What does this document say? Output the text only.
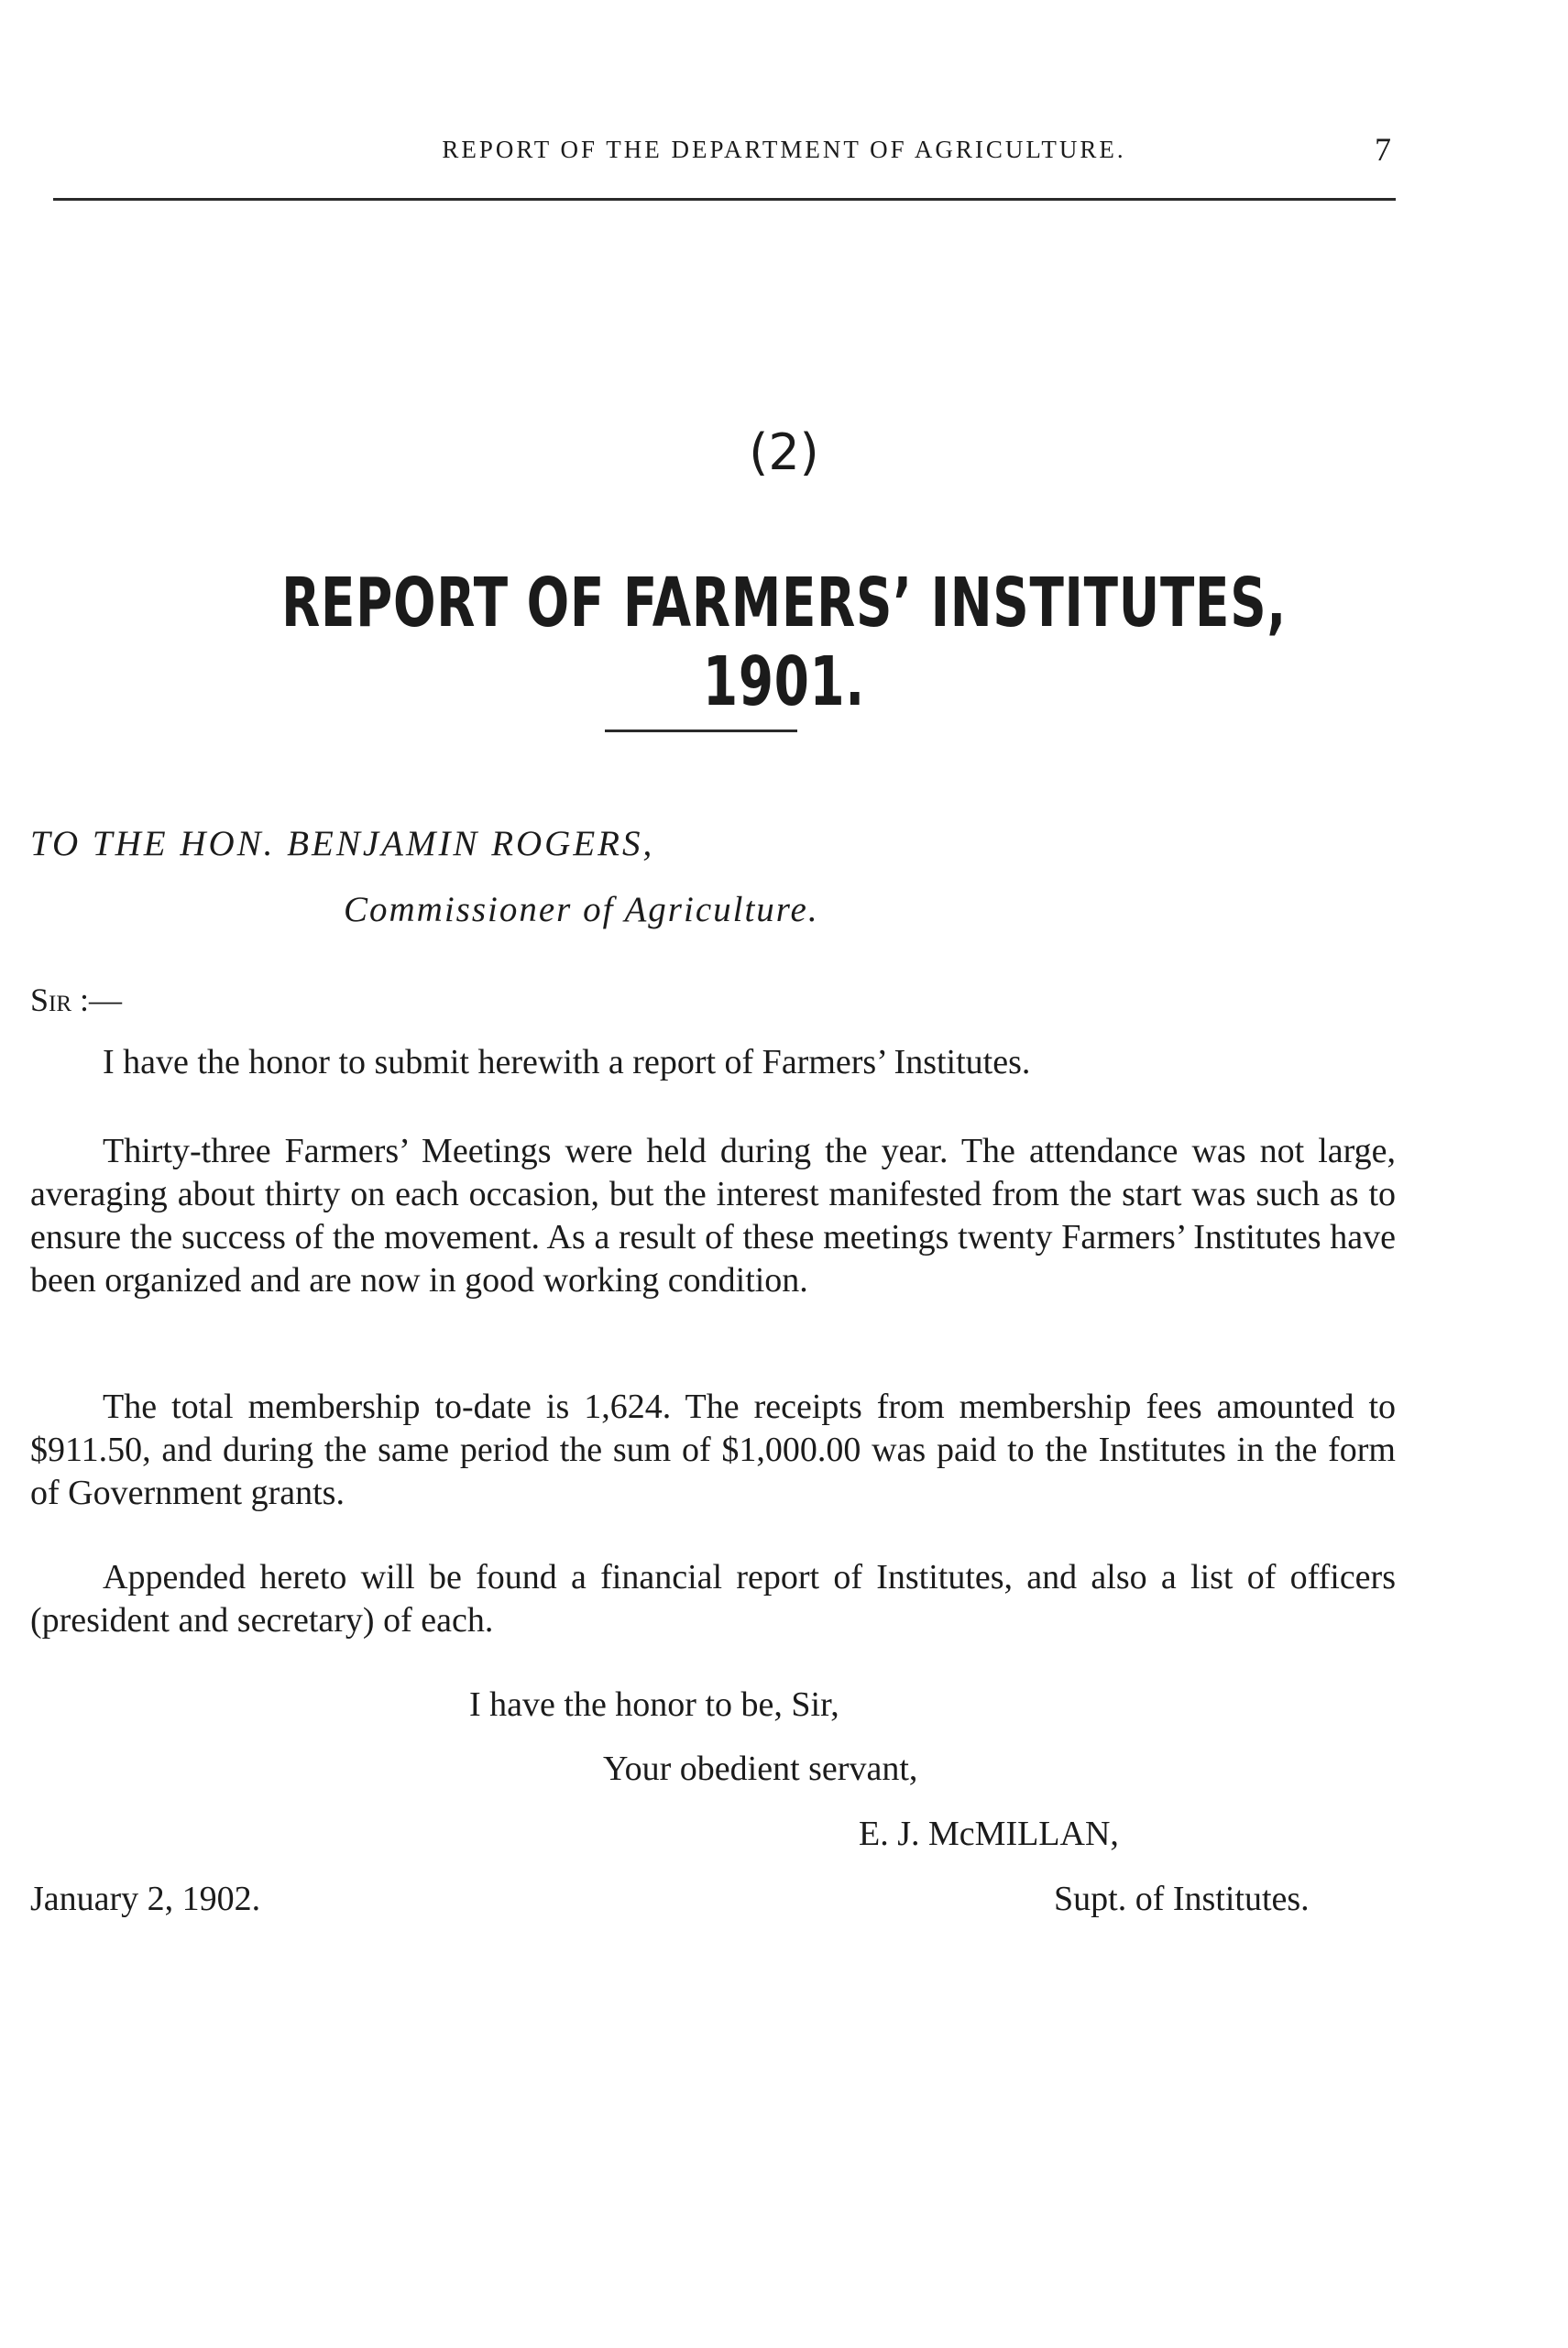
REPORT OF THE DEPARTMENT OF AGRICULTURE.	7
(2)
REPORT OF FARMERS’ INSTITUTES, 1901.
TO THE HON. BENJAMIN ROGERS,
Commissioner of Agriculture.
Sir :—

I have the honor to submit herewith a report of Farmers’ Institutes.

Thirty-three Farmers’ Meetings were held during the year. The attendance was not large, averaging about thirty on each occasion, but the interest manifested from the start was such as to ensure the success of the movement. As a result of these meetings twenty Farmers’ Institutes have been organized and are now in good working condition.

The total membership to-date is 1,624. The receipts from membership fees amounted to $911.50, and during the same period the sum of $1,000.00 was paid to the Institutes in the form of Government grants.

Appended hereto will be found a financial report of Institutes, and also a list of officers (president and secretary) of each.

I have the honor to be, Sir,
Your obedient servant,
E. J. McMILLAN,
January 2, 1902.	Supt. of Institutes.
